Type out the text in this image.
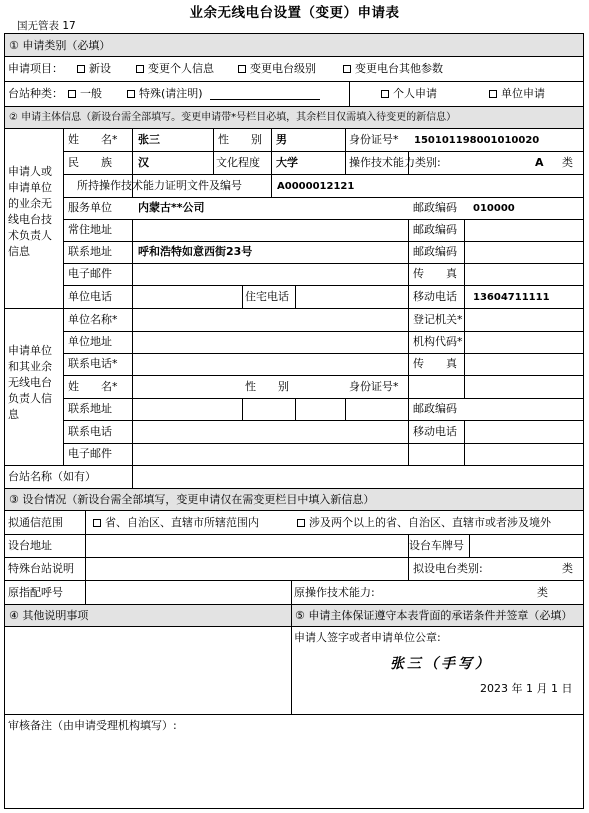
业余无线电台设置（变更）申请表
国无管表 17
① 申请类别（必填）
申请项目：	新设	变更个人信息	变更电台级别	变更电台其他参数
台站种类：	一般	特殊(请注明)	个人申请	单位申请
② 申请主体信息（新设台需全部填写。变更申请带*号栏目必填，其余栏目仅需填入待变更的新信息）
申请人或申请单位的业余无线电台技术负责人信息
姓　　名* 张三	性　　别 男	身份证号* 150101198001010020
民　　族 汉	文化程度 大学	操作技术能力类别:	A 类
所持操作技术能力证明文件及编号	A0000012121
服务单位 内蒙古**公司	邮政编码 010000
常住地址	邮政编码
联系地址 呼和浩特如意西街23号	邮政编码
电子邮件	传　　真
单位电话	住宅电话	移动电话 13604711111
申请单位和其业余无线电台负责人信息
单位名称*	登记机关*
单位地址	机构代码*
联系电话*	传　　真
姓　　名*	性　　别	身份证号*
联系地址	邮政编码
联系电话	移动电话
电子邮件
台站名称（如有）
③ 设台情况（新设台需全部填写，变更申请仅在需变更栏目中填入新信息）
拟通信范围	省、自治区、直辖市所辖范围内	涉及两个以上的省、自治区、直辖市或者涉及境外
设台地址	设台车牌号
特殊台站说明	拟设电台类别:	类
原指配呼号	原操作技术能力:	类
④ 其他说明事项	⑤ 申请主体保证遵守本表背面的承诺条件并签章（必填）
申请人签字或者申请单位公章:
张三（手写）
2023 年 1 月 1 日
审核备注（由申请受理机构填写）:
